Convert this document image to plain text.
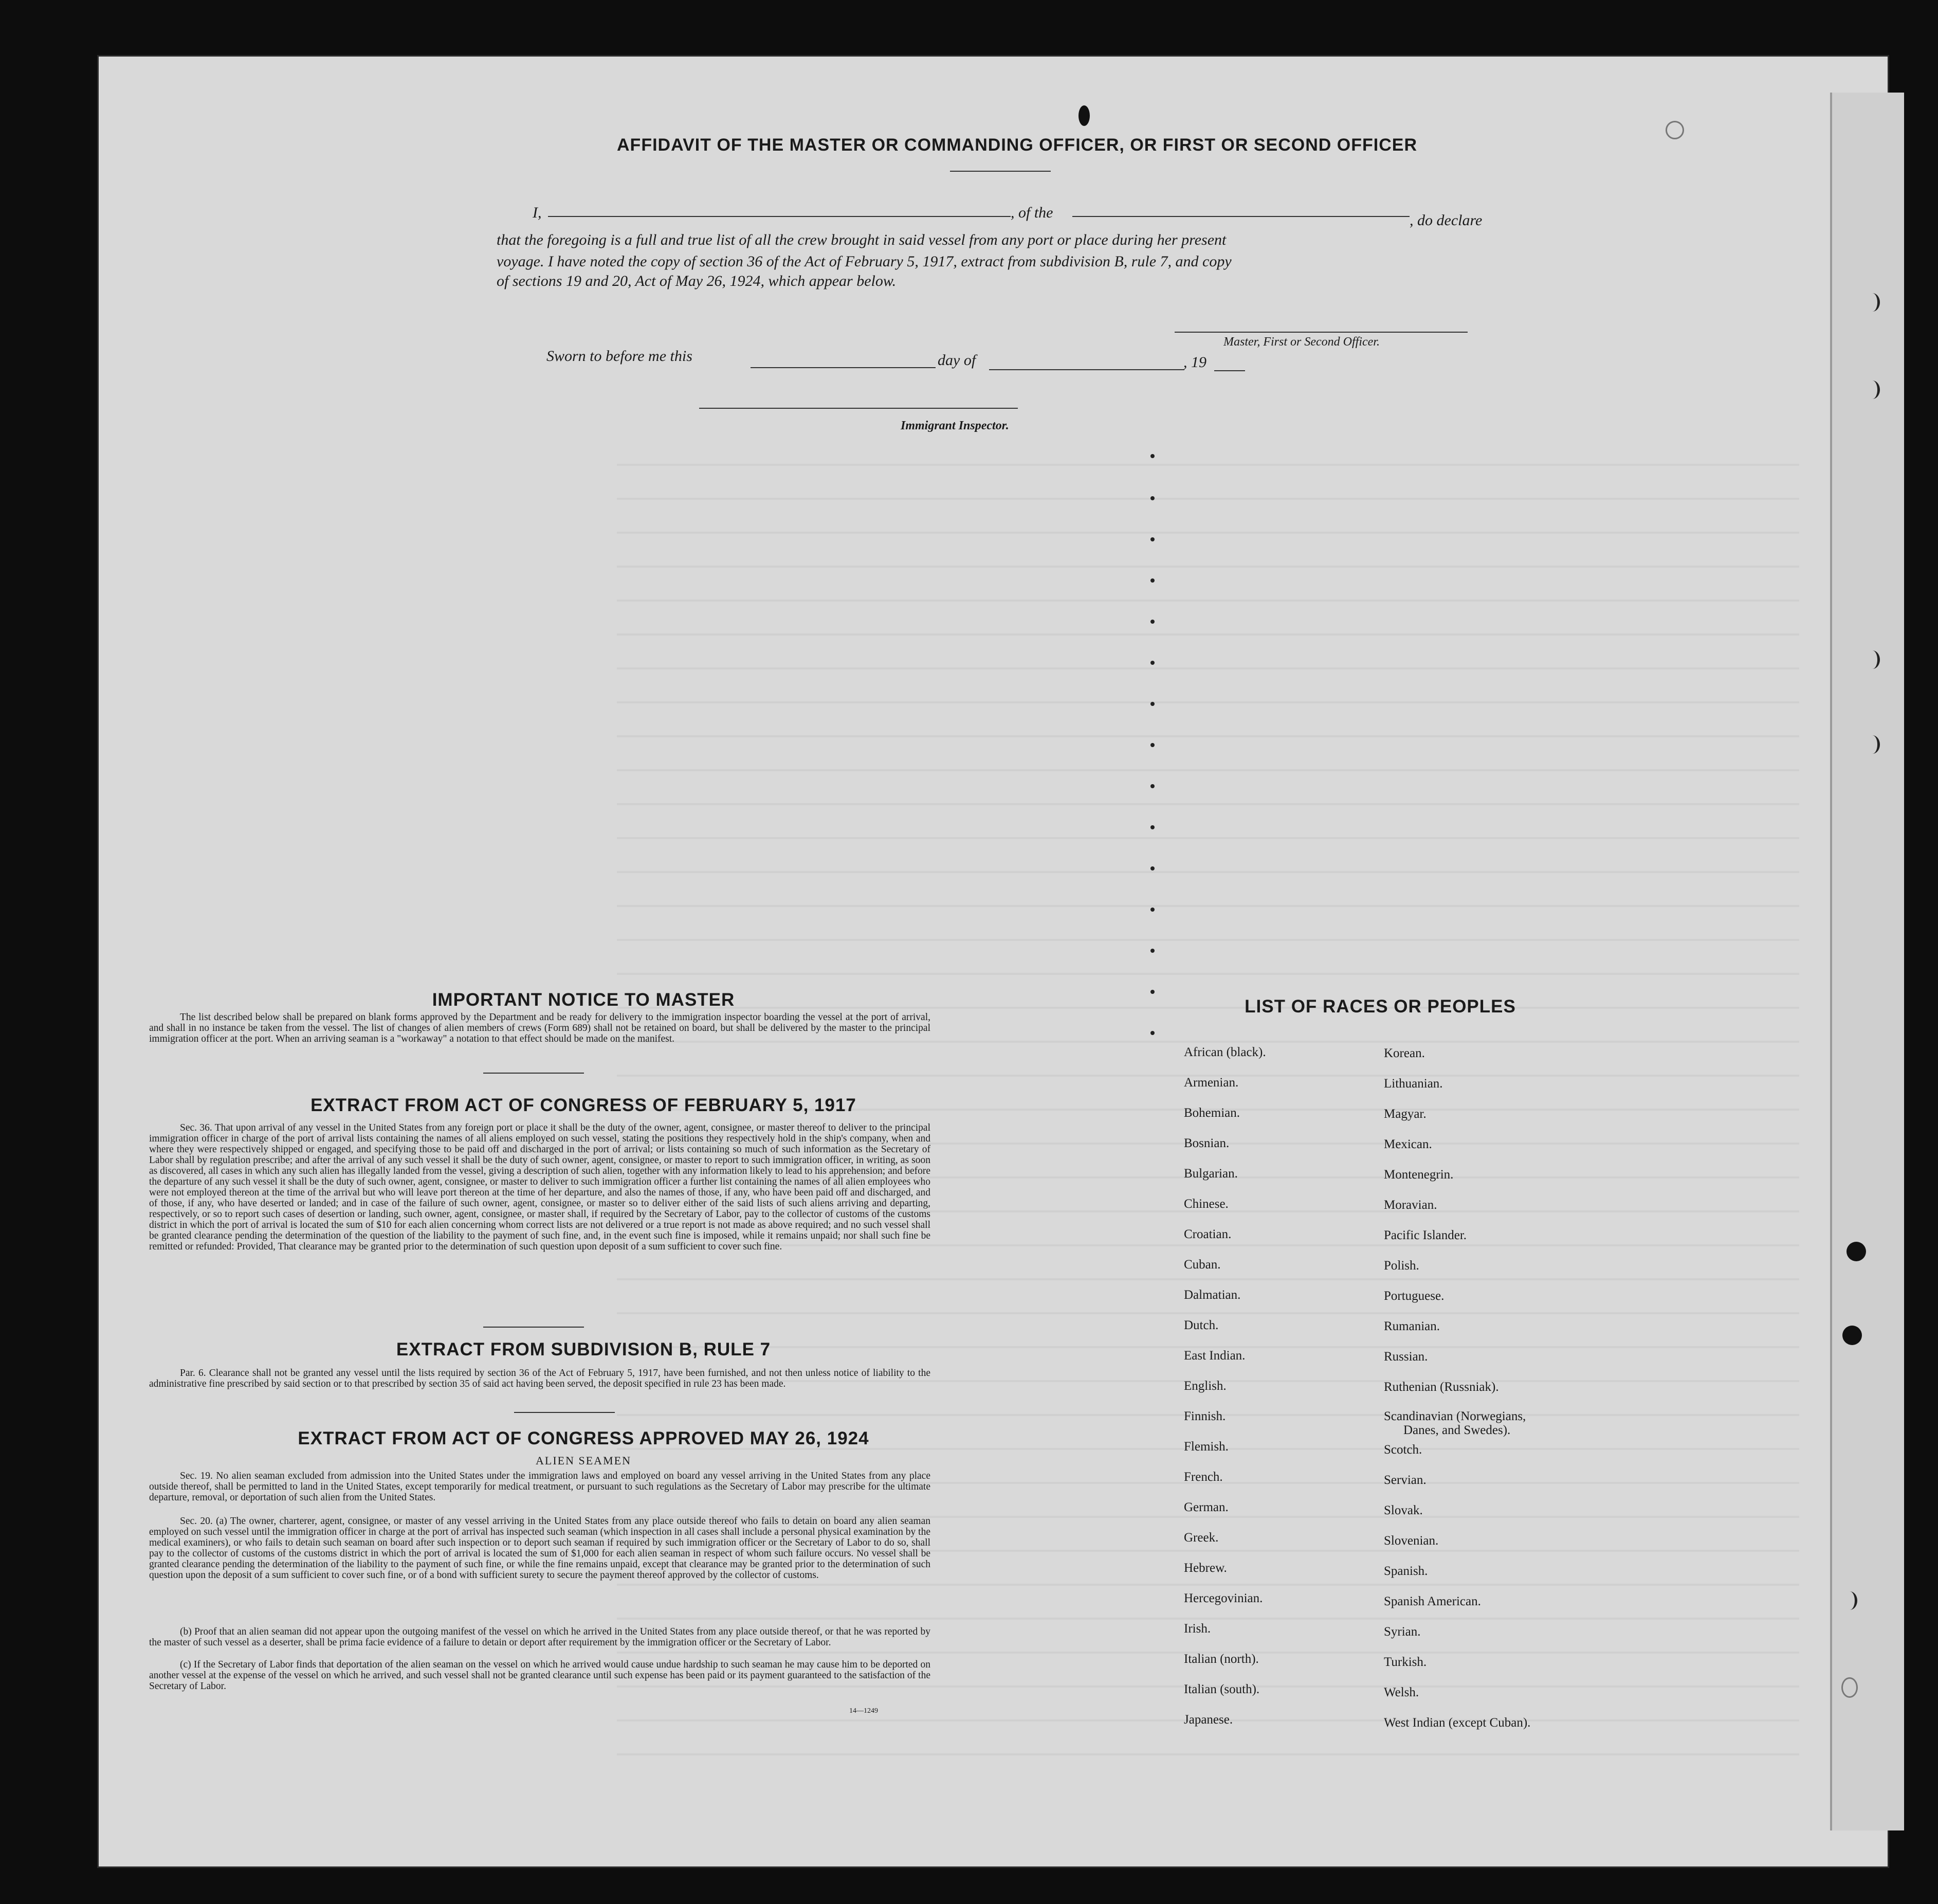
AFFIDAVIT OF THE MASTER OR COMMANDING OFFICER, OR FIRST OR SECOND OFFICER
I,	, of the	, do declare
that the foregoing is a full and true list of all the crew brought in said vessel from any port or place during her present
voyage. I have noted the copy of section 36 of the Act of February 5, 1917, extract from subdivision B, rule 7, and copy
of sections 19 and 20, Act of May 26, 1924, which appear below.
Master, First or Second Officer.
Sworn to before me this	day of	, 19
Immigrant Inspector.
IMPORTANT NOTICE TO MASTER
The list described below shall be prepared on blank forms approved by the Department and be ready for delivery to the immigration inspector boarding the vessel at the port of arrival, and shall in no instance be taken from the vessel. The list of changes of alien members of crews (Form 689) shall not be retained on board, but shall be delivered by the master to the principal immigration officer at the port. When an arriving seaman is a "workaway" a notation to that effect should be made on the manifest.
EXTRACT FROM ACT OF CONGRESS OF FEBRUARY 5, 1917
Sec. 36. That upon arrival of any vessel in the United States from any foreign port or place it shall be the duty of the owner, agent, consignee, or master thereof to deliver to the principal immigration officer in charge of the port of arrival lists containing the names of all aliens employed on such vessel, stating the positions they respectively hold in the ship's company, when and where they were respectively shipped or engaged, and specifying those to be paid off and discharged in the port of arrival; or lists containing so much of such information as the Secretary of Labor shall by regulation prescribe; and after the arrival of any such vessel it shall be the duty of such owner, agent, consignee, or master to report to such immigration officer, in writing, as soon as discovered, all cases in which any such alien has illegally landed from the vessel, giving a description of such alien, together with any information likely to lead to his apprehension; and before the departure of any such vessel it shall be the duty of such owner, agent, consignee, or master to deliver to such immigration officer a further list containing the names of all alien employees who were not employed thereon at the time of the arrival but who will leave port thereon at the time of her departure, and also the names of those, if any, who have been paid off and discharged, and of those, if any, who have deserted or landed; and in case of the failure of such owner, agent, consignee, or master so to deliver either of the said lists of such aliens arriving and departing, respectively, or so to report such cases of desertion or landing, such owner, agent, consignee, or master shall, if required by the Secretary of Labor, pay to the collector of customs of the customs district in which the port of arrival is located the sum of $10 for each alien concerning whom correct lists are not delivered or a true report is not made as above required; and no such vessel shall be granted clearance pending the determination of the question of the liability to the payment of such fine, and, in the event such fine is imposed, while it remains unpaid; nor shall such fine be remitted or refunded: Provided, That clearance may be granted prior to the determination of such question upon deposit of a sum sufficient to cover such fine.
EXTRACT FROM SUBDIVISION B, RULE 7
Par. 6. Clearance shall not be granted any vessel until the lists required by section 36 of the Act of February 5, 1917, have been furnished, and not then unless notice of liability to the administrative fine prescribed by said section or to that prescribed by section 35 of said act having been served, the deposit specified in rule 23 has been made.
EXTRACT FROM ACT OF CONGRESS APPROVED MAY 26, 1924
ALIEN SEAMEN
Sec. 19. No alien seaman excluded from admission into the United States under the immigration laws and employed on board any vessel arriving in the United States from any place outside thereof, shall be permitted to land in the United States, except temporarily for medical treatment, or pursuant to such regulations as the Secretary of Labor may prescribe for the ultimate departure, removal, or deportation of such alien from the United States.
Sec. 20. (a) The owner, charterer, agent, consignee, or master of any vessel arriving in the United States from any place outside thereof who fails to detain on board any alien seaman employed on such vessel until the immigration officer in charge at the port of arrival has inspected such seaman (which inspection in all cases shall include a personal physical examination by the medical examiners), or who fails to detain such seaman on board after such inspection or to deport such seaman if required by such immigration officer or the Secretary of Labor to do so, shall pay to the collector of customs of the customs district in which the port of arrival is located the sum of $1,000 for each alien seaman in respect of whom such failure occurs. No vessel shall be granted clearance pending the determination of the liability to the payment of such fine, or while the fine remains unpaid, except that clearance may be granted prior to the determination of such question upon the deposit of a sum sufficient to cover such fine, or of a bond with sufficient surety to secure the payment thereof approved by the collector of customs.
(b) Proof that an alien seaman did not appear upon the outgoing manifest of the vessel on which he arrived in the United States from any place outside thereof, or that he was reported by the master of such vessel as a deserter, shall be prima facie evidence of a failure to detain or deport after requirement by the immigration officer or the Secretary of Labor.
(c) If the Secretary of Labor finds that deportation of the alien seaman on the vessel on which he arrived would cause undue hardship to such seaman he may cause him to be deported on another vessel at the expense of the vessel on which he arrived, and such vessel shall not be granted clearance until such expense has been paid or its payment guaranteed to the satisfaction of the Secretary of Labor.
14—1249
LIST OF RACES OR PEOPLES
African (black).
Armenian.
Bohemian.
Bosnian.
Bulgarian.
Chinese.
Croatian.
Cuban.
Dalmatian.
Dutch.
East Indian.
English.
Finnish.
Flemish.
French.
German.
Greek.
Hebrew.
Hercegovinian.
Irish.
Italian (north).
Italian (south).
Japanese.
Korean.
Lithuanian.
Magyar.
Mexican.
Montenegrin.
Moravian.
Pacific Islander.
Polish.
Portuguese.
Rumanian.
Russian.
Ruthenian (Russniak).
Scandinavian (Norwegians,
Danes, and Swedes).
Scotch.
Servian.
Slovak.
Slovenian.
Spanish.
Spanish American.
Syrian.
Turkish.
Welsh.
West Indian (except Cuban).
